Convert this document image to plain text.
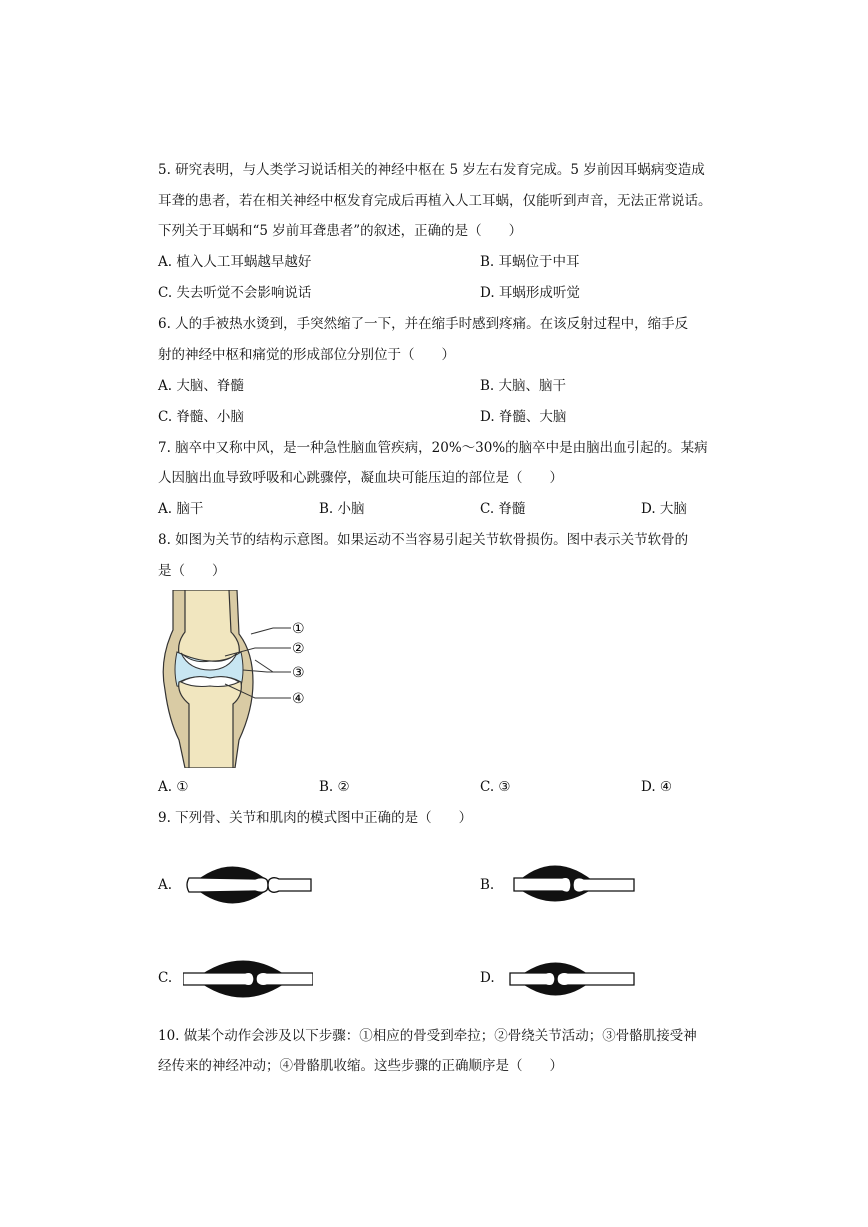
5. 研究表明，与人类学习说话相关的神经中枢在 5 岁左右发育完成。5 岁前因耳蜗病变造成
耳聋的患者，若在相关神经中枢发育完成后再植入人工耳蜗，仅能听到声音，无法正常说话。
下列关于耳蜗和“5 岁前耳聋患者”的叙述，正确的是（　　）
A. 植入人工耳蜗越早越好	B. 耳蜗位于中耳
C. 失去听觉不会影响说话	D. 耳蜗形成听觉
6. 人的手被热水烫到，手突然缩了一下，并在缩手时感到疼痛。在该反射过程中，缩手反
射的神经中枢和痛觉的形成部位分别位于（　　）
A. 大脑、脊髓	B. 大脑、脑干
C. 脊髓、小脑	D. 脊髓、大脑
7. 脑卒中又称中风，是一种急性脑血管疾病，20%～30%的脑卒中是由脑出血引起的。某病
人因脑出血导致呼吸和心跳骤停，凝血块可能压迫的部位是（　　）
A. 脑干	B. 小脑	C. 脊髓	D. 大脑
8. 如图为关节的结构示意图。如果运动不当容易引起关节软骨损伤。图中表示关节软骨的
是（　　）
①
②
③
④
A. ①	B. ②	C. ③	D. ④
9. 下列骨、关节和肌肉的模式图中正确的是（　　）
A.	B.
C.	D.
10. 做某个动作会涉及以下步骤：①相应的骨受到牵拉；②骨绕关节活动；③骨骼肌接受神
经传来的神经冲动；④骨骼肌收缩。这些步骤的正确顺序是（　　）
